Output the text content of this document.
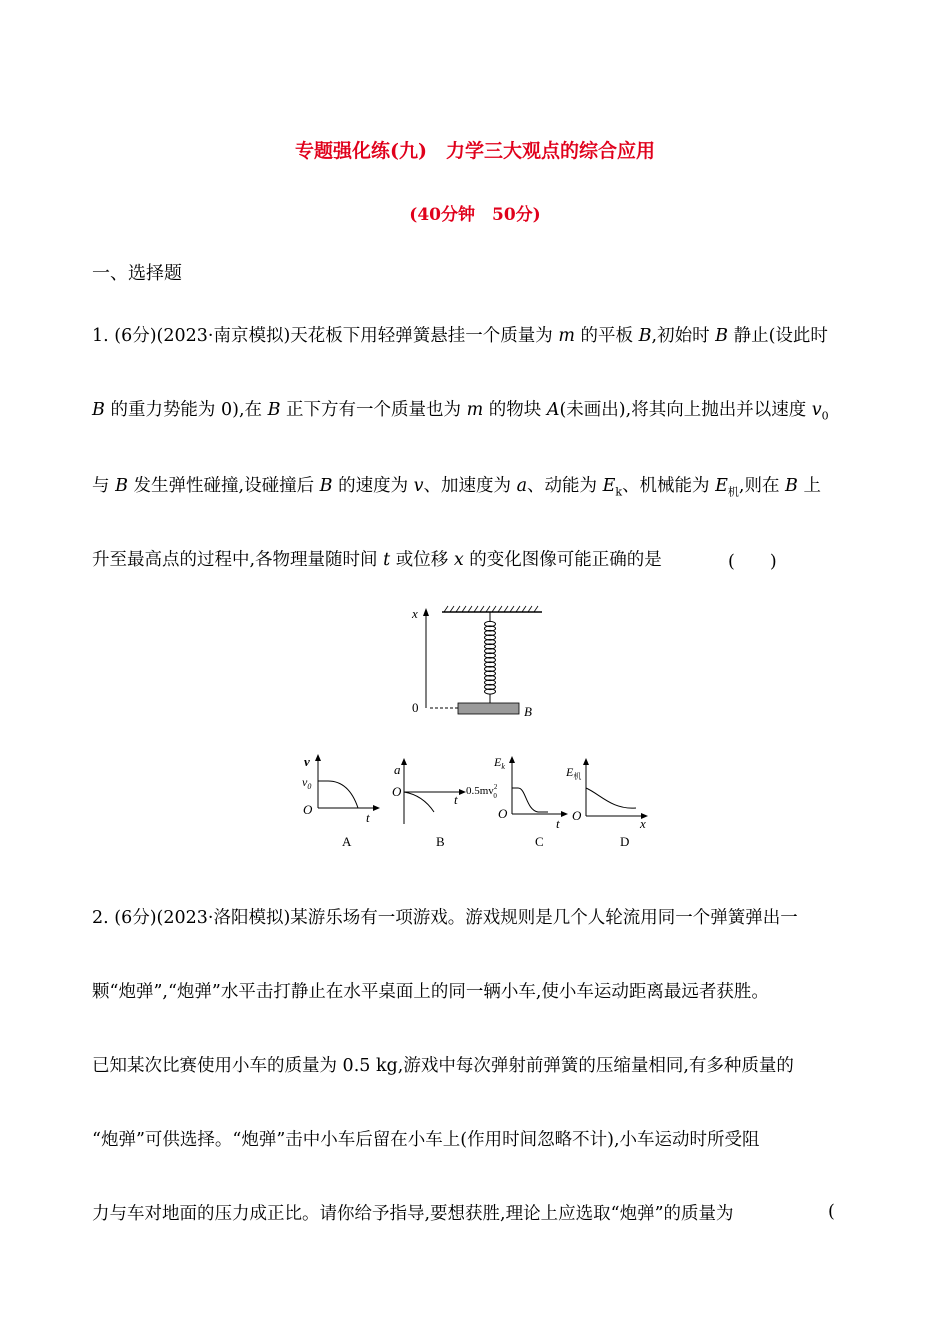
专题强化练(九)　力学三大观点的综合应用
(40分钟　50分)
一、选择题
1. (6分)(2023·南京模拟)天花板下用轻弹簧悬挂一个质量为 m 的平板 B,初始时 B 静止(设此时
B 的重力势能为 0),在 B 正下方有一个质量也为 m 的物块 A(未画出),将其向上抛出并以速度 $v_0$
与 B 发生弹性碰撞,设碰撞后 B 的速度为 v、加速度为 a、动能为 $E_k$、机械能为 $E_机$,则在 B 上
升至最高点的过程中,各物理量随时间 t 或位移 x 的变化图像可能正确的是	(　　)
x
0	B
v
$v_0$
O
t
A
a
O
t
B
$E_k$
$0.5mv^2$ 0
O
t
C
$E_机$
O
x
D
2. (6分)(2023·洛阳模拟)某游乐场有一项游戏。游戏规则是几个人轮流用同一个弹簧弹出一
颗“炮弹”,“炮弹”水平击打静止在水平桌面上的同一辆小车,使小车运动距离最远者获胜。
已知某次比赛使用小车的质量为 0.5 kg,游戏中每次弹射前弹簧的压缩量相同,有多种质量的
“炮弹”可供选择。“炮弹”击中小车后留在小车上(作用时间忽略不计),小车运动时所受阻
力与车对地面的压力成正比。请你给予指导,要想获胜,理论上应选取“炮弹”的质量为	(
